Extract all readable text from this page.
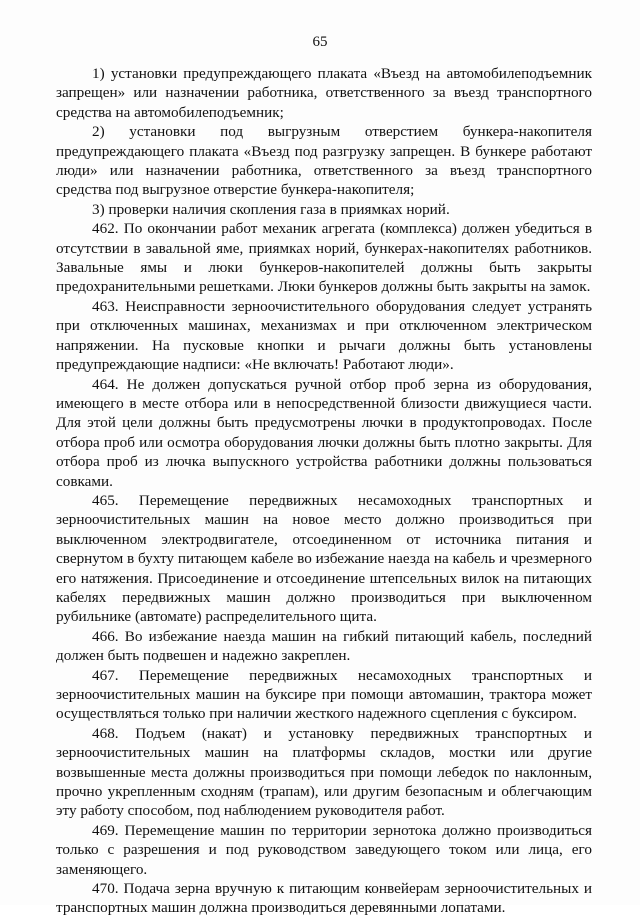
65

1) установки предупреждающего плаката «Въезд на автомобилеподъемник запрещен» или назначении работника, ответственного за въезд транспортного средства на автомобилеподъемник;

2) установки под выгрузным отверстием бункера-накопителя предупреждающего плаката «Въезд под разгрузку запрещен. В бункере работают люди» или назначении работника, ответственного за въезд транспортного средства под выгрузное отверстие бункера-накопителя;

3) проверки наличия скопления газа в приямках норий.

462. По окончании работ механик агрегата (комплекса) должен убедиться в отсутствии в завальной яме, приямках норий, бункерах-накопителях работников. Завальные ямы и люки бункеров-накопителей должны быть закрыты предохранительными решетками. Люки бункеров должны быть закрыты на замок.

463. Неисправности зерноочистительного оборудования следует устранять при отключенных машинах, механизмах и при отключенном электрическом напряжении. На пусковые кнопки и рычаги должны быть установлены предупреждающие надписи: «Не включать! Работают люди».

464. Не должен допускаться ручной отбор проб зерна из оборудования, имеющего в месте отбора или в непосредственной близости движущиеся части. Для этой цели должны быть предусмотрены лючки в продуктопроводах. После отбора проб или осмотра оборудования лючки должны быть плотно закрыты. Для отбора проб из лючка выпускного устройства работники должны пользоваться совками.

465. Перемещение передвижных несамоходных транспортных и зерноочистительных машин на новое место должно производиться при выключенном электродвигателе, отсоединенном от источника питания и свернутом в бухту питающем кабеле во избежание наезда на кабель и чрезмерного его натяжения. Присоединение и отсоединение штепсельных вилок на питающих кабелях передвижных машин должно производиться при выключенном рубильнике (автомате) распределительного щита.

466. Во избежание наезда машин на гибкий питающий кабель, последний должен быть подвешен и надежно закреплен.

467. Перемещение передвижных несамоходных транспортных и зерноочистительных машин на буксире при помощи автомашин, трактора может осуществляться только при наличии жесткого надежного сцепления с буксиром.

468. Подъем (накат) и установку передвижных транспортных и зерноочистительных машин на платформы складов, мостки или другие возвышенные места должны производиться при помощи лебедок по наклонным, прочно укрепленным сходням (трапам), или другим безопасным и облегчающим эту работу способом, под наблюдением руководителя работ.

469. Перемещение машин по территории зернотока должно производиться только с разрешения и под руководством заведующего током или лица, его заменяющего.

470. Подача зерна вручную к питающим конвейерам зерноочистительных и транспортных машин должна производиться деревянными лопатами.
